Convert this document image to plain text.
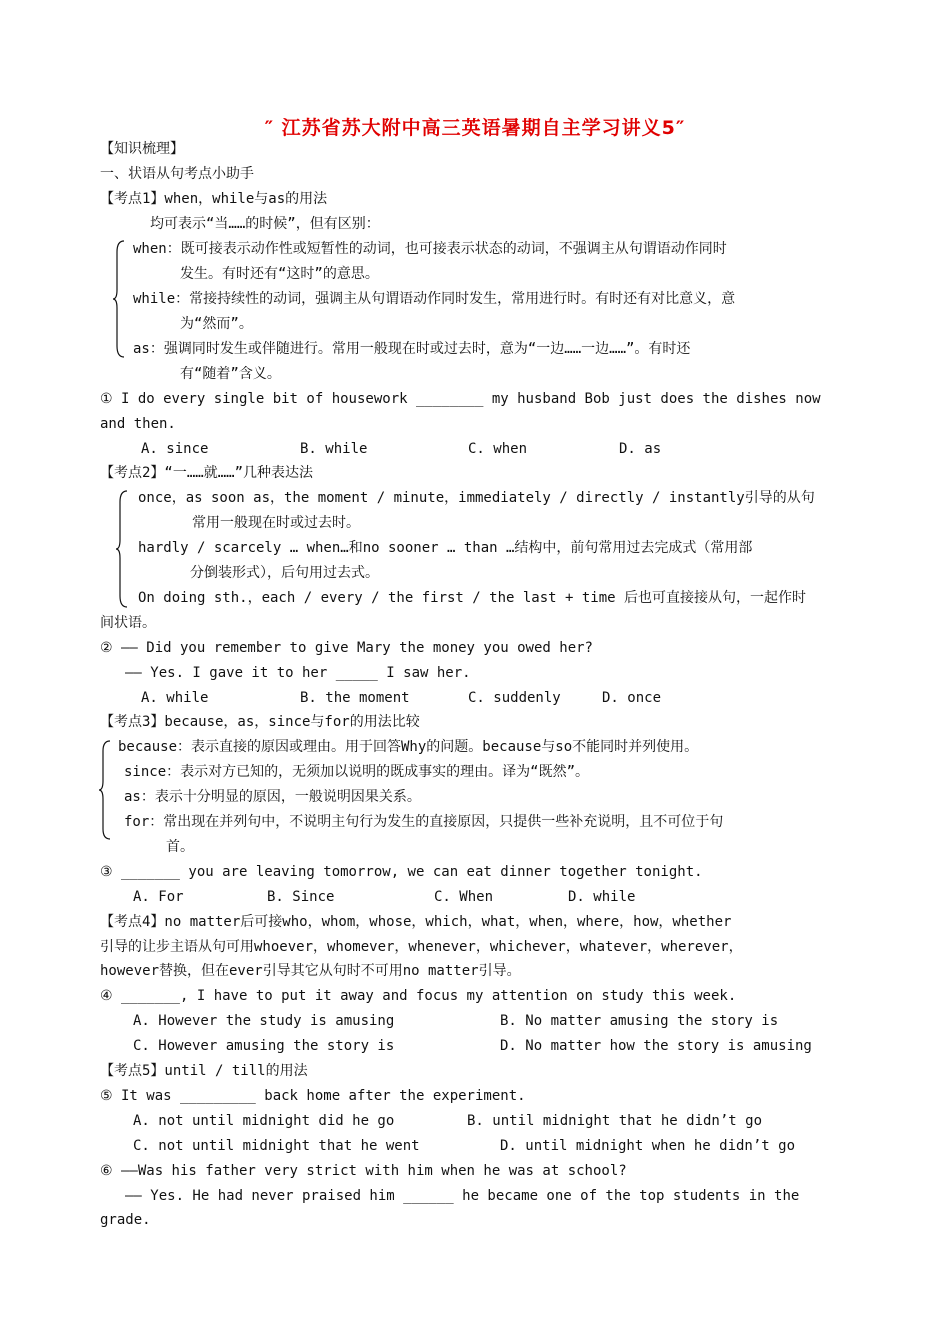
″ 江苏省苏大附中高三英语暑期自主学习讲义5″
【知识梳理】
一、状语从句考点小助手
【考点1】when，while与as的用法
均可表示“当……的时候”，但有区别：
when：既可接表示动作性或短暂性的动词，也可接表示状态的动词，不强调主从句谓语动作同时
发生。有时还有“这时”的意思。
while：常接持续性的动词，强调主从句谓语动作同时发生，常用进行时。有时还有对比意义，意
为“然而”。
as：强调同时发生或伴随进行。常用一般现在时或过去时，意为“一边……一边……”。有时还
有“随着”含义。
① I do every single bit of housework ________ my husband Bob just does the dishes now
and then.
A. since	B. while	C. when	D. as
【考点2】“一……就……”几种表达法
once，as soon as，the moment / minute，immediately / directly / instantly引导的从句
常用一般现在时或过去时。
hardly / scarcely … when…和no sooner … than …结构中，前句常用过去完成式（常用部
分倒装形式），后句用过去式。
On doing sth.，each / every / the first / the last + time 后也可直接接从句，一起作时
间状语。
② —— Did you remember to give Mary the money you owed her?
—— Yes. I gave it to her _____ I saw her.
A. while	B. the moment	C. suddenly	D. once
【考点3】because，as，since与for的用法比较
because：表示直接的原因或理由。用于回答Why的问题。because与so不能同时并列使用。
since：表示对方已知的，无须加以说明的既成事实的理由。译为“既然”。
as：表示十分明显的原因，一般说明因果关系。
for：常出现在并列句中，不说明主句行为发生的直接原因，只提供一些补充说明，且不可位于句
首。
③ _______ you are leaving tomorrow, we can eat dinner together tonight.
A. For	B. Since	C. When	D. while
【考点4】no matter后可接who，whom，whose，which，what，when，where，how，whether
引导的让步主语从句可用whoever，whomever，whenever，whichever，whatever，wherever，
however替换，但在ever引导其它从句时不可用no matter引导。
④ _______, I have to put it away and focus my attention on study this week.
A. However the study is amusing	B. No matter amusing the story is
C. However amusing the story is	D. No matter how the story is amusing
【考点5】until / till的用法
⑤ It was _________ back home after the experiment.
A. not until midnight did he go	B. until midnight that he didn’t go
C. not until midnight that he went	D. until midnight when he didn’t go
⑥ ——Was his father very strict with him when he was at school?
—— Yes. He had never praised him ______ he became one of the top students in the
grade.
